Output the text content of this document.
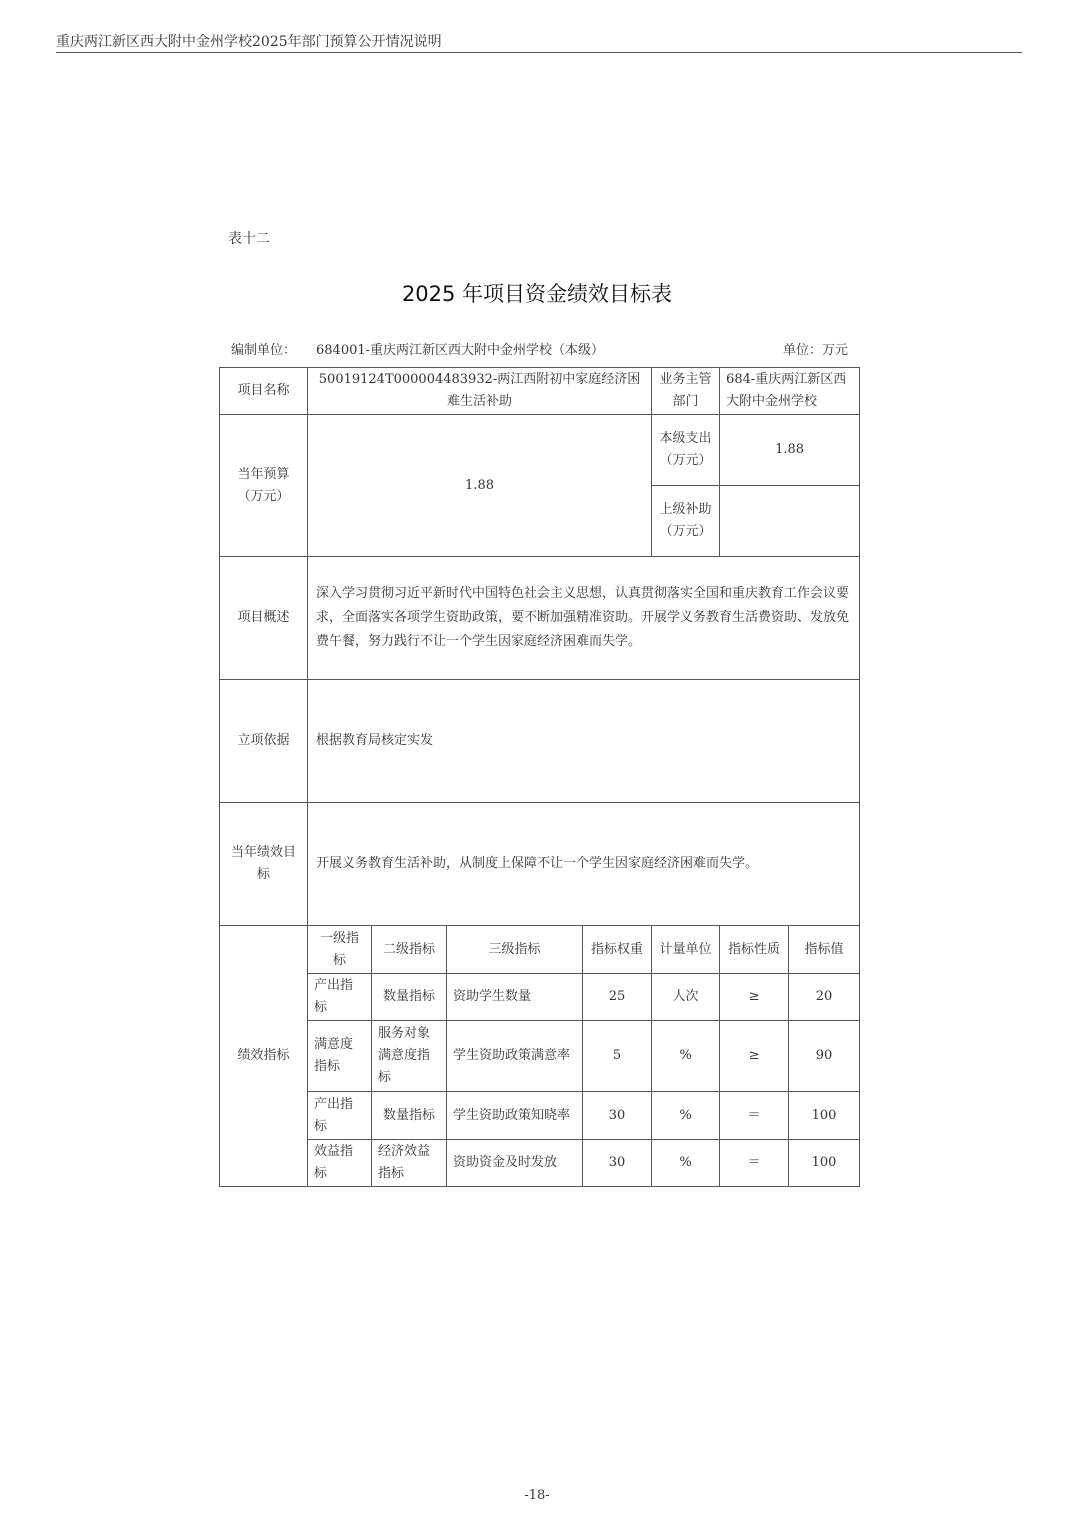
重庆两江新区西大附中金州学校2025年部门预算公开情况说明
表十二
2025 年项目资金绩效目标表
编制单位： 684001-重庆两江新区西大附中金州学校（本级）	单位：万元
项目名称	50019124T000004483932-两江西附初中家庭经济困难生活补助				业务主管部门	684-重庆两江新区西大附中金州学校	
当年预算（万元）	1.88				本级支出（万元）	1.88	
					上级补助（万元）		
项目概述	深入学习贯彻习近平新时代中国特色社会主义思想，认真贯彻落实全国和重庆教育工作会议要求，全面落实各项学生资助政策，要不断加强精准资助。开展学义务教育生活费资助、发放免费午餐，努力践行不让一个学生因家庭经济困难而失学。						
立项依据	根据教育局核定实发						
当年绩效目标	开展义务教育生活补助，从制度上保障不让一个学生因家庭经济困难而失学。						
绩效指标	一级指标	二级指标	三级指标	指标权重	计量单位	指标性质	指标值
	产出指标	数量指标	资助学生数量	25	人次	≥	20
	满意度指标	服务对象满意度指标	学生资助政策满意率	5	%	≥	90
	产出指标	数量指标	学生资助政策知晓率	30	%	＝	100
	效益指标	经济效益指标	资助资金及时发放	30	%	＝	100
-18-
